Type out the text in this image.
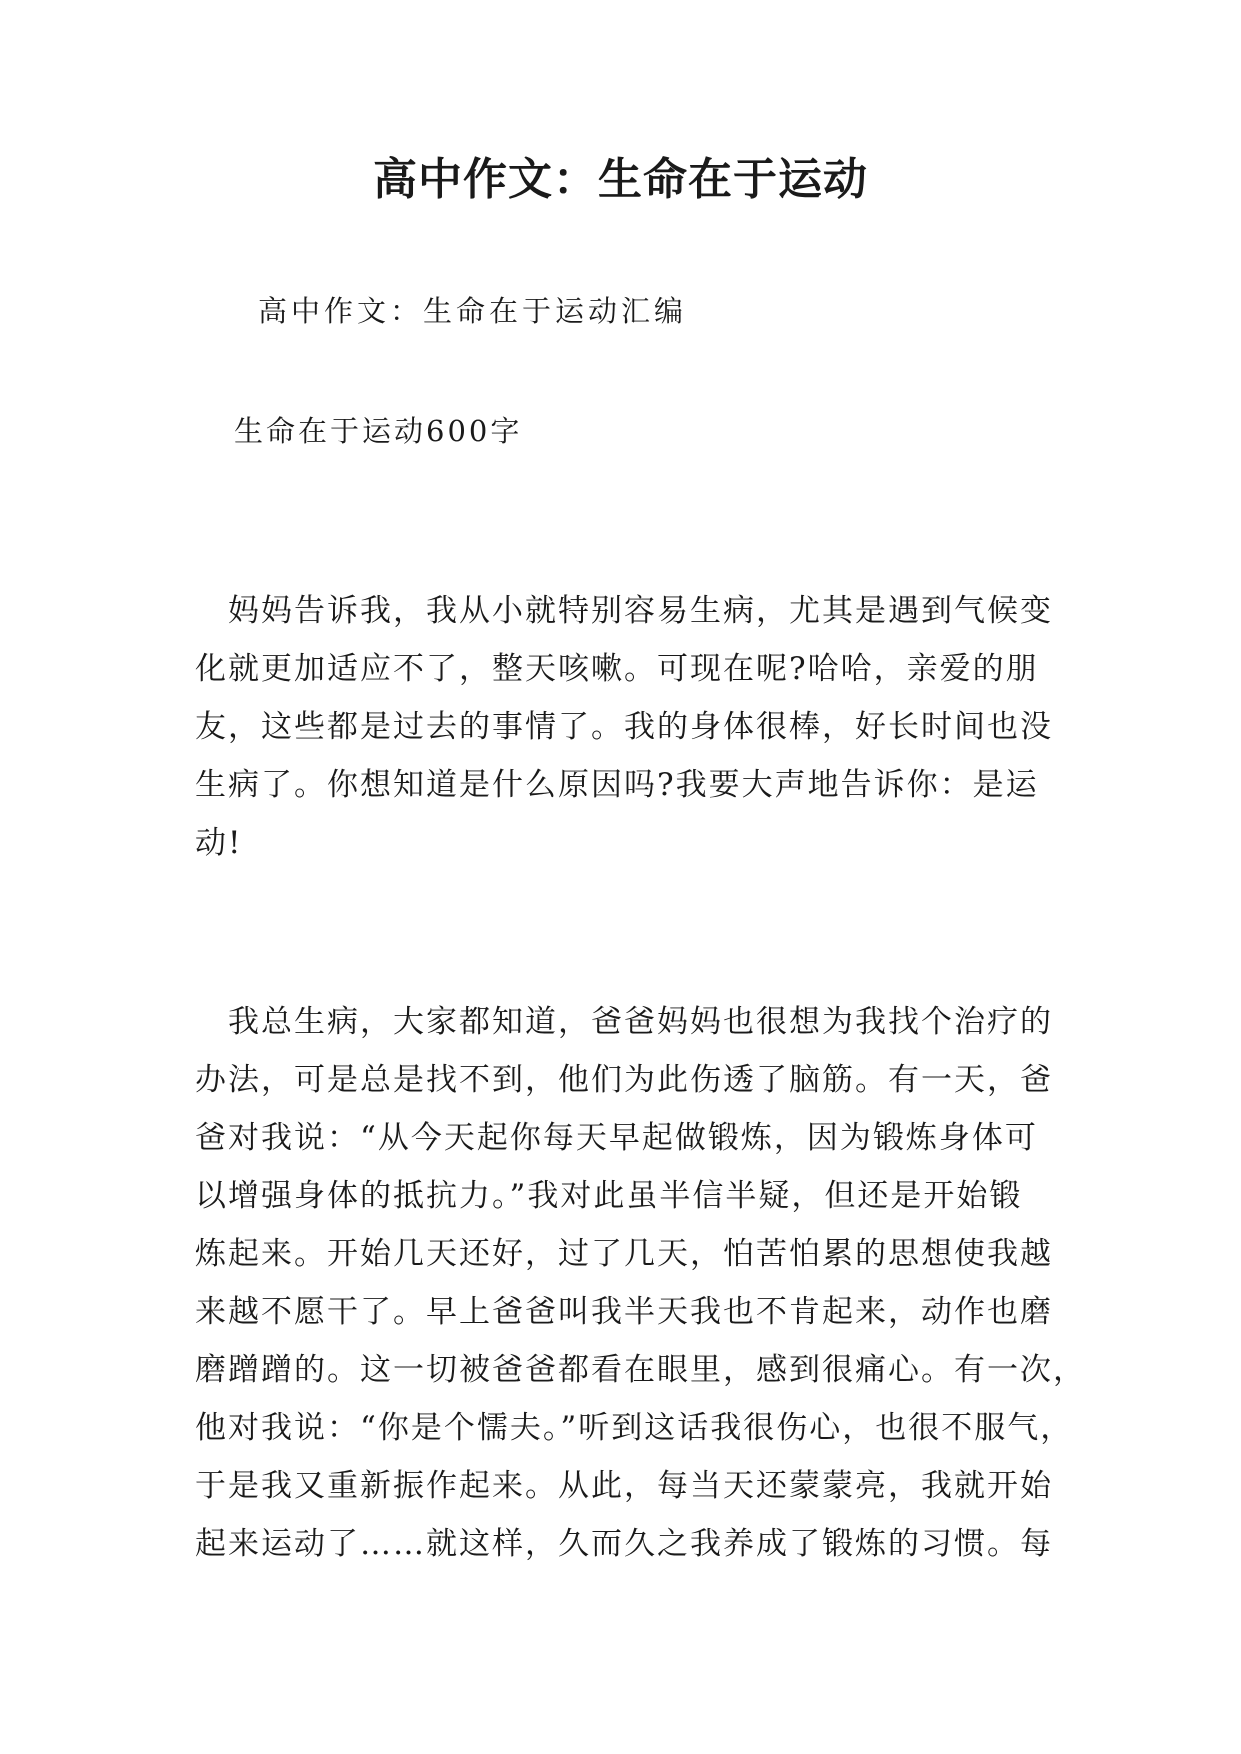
高中作文：生命在于运动
高中作文：生命在于运动汇编
生命在于运动600字
　妈妈告诉我，我从小就特别容易生病，尤其是遇到气候变
化就更加适应不了，整天咳嗽。可现在呢?哈哈，亲爱的朋
友，这些都是过去的事情了。我的身体很棒，好长时间也没
生病了。你想知道是什么原因吗?我要大声地告诉你：是运
动!
　我总生病，大家都知道，爸爸妈妈也很想为我找个治疗的
办法，可是总是找不到，他们为此伤透了脑筋。有一天，爸
爸对我说：“从今天起你每天早起做锻炼，因为锻炼身体可
以增强身体的抵抗力。”我对此虽半信半疑，但还是开始锻
炼起来。开始几天还好，过了几天，怕苦怕累的思想使我越
来越不愿干了。早上爸爸叫我半天我也不肯起来，动作也磨
磨蹭蹭的。这一切被爸爸都看在眼里，感到很痛心。有一次，
他对我说：“你是个懦夫。”听到这话我很伤心，也很不服气，
于是我又重新振作起来。从此，每当天还蒙蒙亮，我就开始
起来运动了……就这样，久而久之我养成了锻炼的习惯。每
